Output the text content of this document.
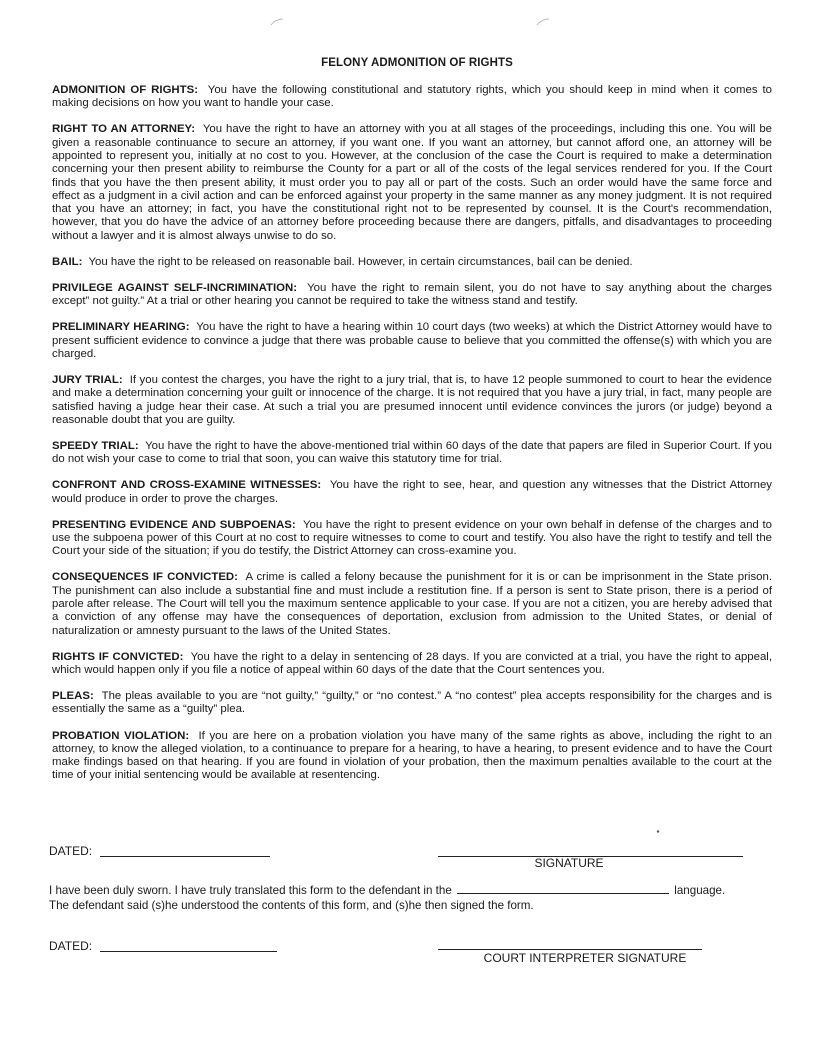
FELONY ADMONITION OF RIGHTS

ADMONITION OF RIGHTS: You have the following constitutional and statutory rights, which you should keep in mind when it comes to making decisions on how you want to handle your case.

RIGHT TO AN ATTORNEY: You have the right to have an attorney with you at all stages of the proceedings, including this one. You will be given a reasonable continuance to secure an attorney, if you want one. If you want an attorney, but cannot afford one, an attorney will be appointed to represent you, initially at no cost to you. However, at the conclusion of the case the Court is required to make a determination concerning your then present ability to reimburse the County for a part or all of the costs of the legal services rendered for you. If the Court finds that you have the then present ability, it must order you to pay all or part of the costs. Such an order would have the same force and effect as a judgment in a civil action and can be enforced against your property in the same manner as any money judgment. It is not required that you have an attorney; in fact, you have the constitutional right not to be represented by counsel. It is the Court's recommendation, however, that you do have the advice of an attorney before proceeding because there are dangers, pitfalls, and disadvantages to proceeding without a lawyer and it is almost always unwise to do so.

BAIL: You have the right to be released on reasonable bail. However, in certain circumstances, bail can be denied.

PRIVILEGE AGAINST SELF-INCRIMINATION: You have the right to remain silent, you do not have to say anything about the charges except” not guilty.” At a trial or other hearing you cannot be required to take the witness stand and testify.

PRELIMINARY HEARING: You have the right to have a hearing within 10 court days (two weeks) at which the District Attorney would have to present sufficient evidence to convince a judge that there was probable cause to believe that you committed the offense(s) with which you are charged.

JURY TRIAL: If you contest the charges, you have the right to a jury trial, that is, to have 12 people summoned to court to hear the evidence and make a determination concerning your guilt or innocence of the charge. It is not required that you have a jury trial, in fact, many people are satisfied having a judge hear their case. At such a trial you are presumed innocent until evidence convinces the jurors (or judge) beyond a reasonable doubt that you are guilty.

SPEEDY TRIAL: You have the right to have the above-mentioned trial within 60 days of the date that papers are filed in Superior Court. If you do not wish your case to come to trial that soon, you can waive this statutory time for trial.

CONFRONT AND CROSS-EXAMINE WITNESSES: You have the right to see, hear, and question any witnesses that the District Attorney would produce in order to prove the charges.

PRESENTING EVIDENCE AND SUBPOENAS: You have the right to present evidence on your own behalf in defense of the charges and to use the subpoena power of this Court at no cost to require witnesses to come to court and testify. You also have the right to testify and tell the Court your side of the situation; if you do testify, the District Attorney can cross-examine you.

CONSEQUENCES IF CONVICTED: A crime is called a felony because the punishment for it is or can be imprisonment in the State prison. The punishment can also include a substantial fine and must include a restitution fine. If a person is sent to State prison, there is a period of parole after release. The Court will tell you the maximum sentence applicable to your case. If you are not a citizen, you are hereby advised that a conviction of any offense may have the consequences of deportation, exclusion from admission to the United States, or denial of naturalization or amnesty pursuant to the laws of the United States.

RIGHTS IF CONVICTED: You have the right to a delay in sentencing of 28 days. If you are convicted at a trial, you have the right to appeal, which would happen only if you file a notice of appeal within 60 days of the date that the Court sentences you.

PLEAS: The pleas available to you are “not guilty,” “guilty,” or “no contest.” A “no contest” plea accepts responsibility for the charges and is essentially the same as a “guilty” plea.

PROBATION VIOLATION: If you are here on a probation violation you have many of the same rights as above, including the right to an attorney, to know the alleged violation, to a continuance to prepare for a hearing, to have a hearing, to present evidence and to have the Court make findings based on that hearing. If you are found in violation of your probation, then the maximum penalties available to the court at the time of your initial sentencing would be available at resentencing.

DATED:
SIGNATURE
I have been duly sworn. I have truly translated this form to the defendant in the	language.
The defendant said (s)he understood the contents of this form, and (s)he then signed the form.
DATED:
COURT INTERPRETER SIGNATURE
